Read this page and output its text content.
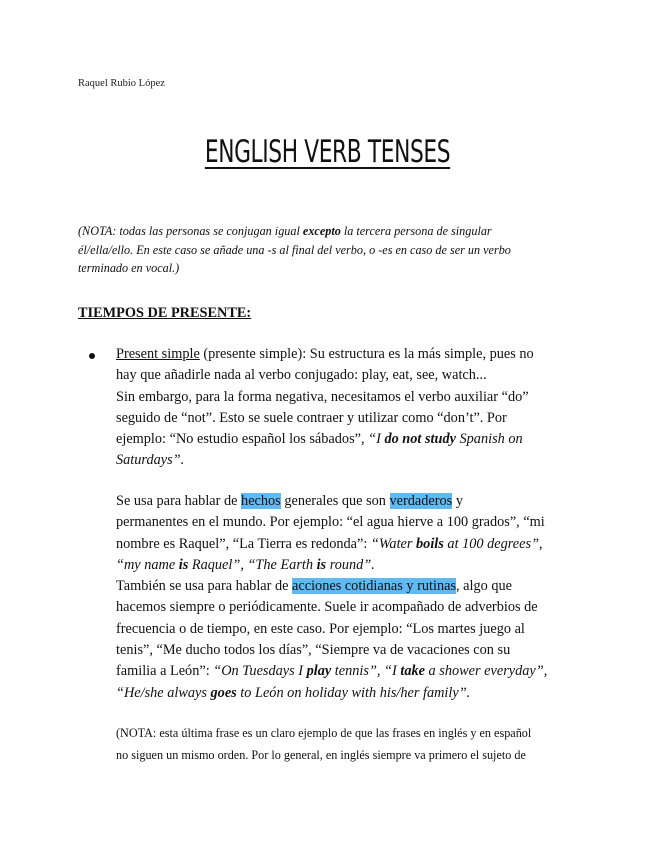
Raquel Rubio López
ENGLISH VERB TENSES
(NOTA: todas las personas se conjugan igual excepto la tercera persona de singular
él/ella/ello. En este caso se añade una -s al final del verbo, o -es en caso de ser un verbo
terminado en vocal.)
TIEMPOS DE PRESENTE:
Present simple (presente simple): Su estructura es la más simple, pues no
hay que añadirle nada al verbo conjugado: play, eat, see, watch...
Sin embargo, para la forma negativa, necesitamos el verbo auxiliar “do”
seguido de “not”. Esto se suele contraer y utilizar como “don’t”. Por
ejemplo: “No estudio español los sábados”, “I do not study Spanish on
Saturdays”.
Se usa para hablar de hechos generales que son verdaderos y
permanentes en el mundo. Por ejemplo: “el agua hierve a 100 grados”, “mi
nombre es Raquel”, “La Tierra es redonda”: “Water boils at 100 degrees”,
“my name is Raquel”, “The Earth is round”.
También se usa para hablar de acciones cotidianas y rutinas, algo que
hacemos siempre o periódicamente. Suele ir acompañado de adverbios de
frecuencia o de tiempo, en este caso. Por ejemplo: “Los martes juego al
tenis”, “Me ducho todos los días”, “Siempre va de vacaciones con su
familia a León”: “On Tuesdays I play tennis”, “I take a shower everyday”,
“He/she always goes to León on holiday with his/her family”.
(NOTA: esta última frase es un claro ejemplo de que las frases en inglés y en español
no siguen un mismo orden. Por lo general, en inglés siempre va primero el sujeto de
